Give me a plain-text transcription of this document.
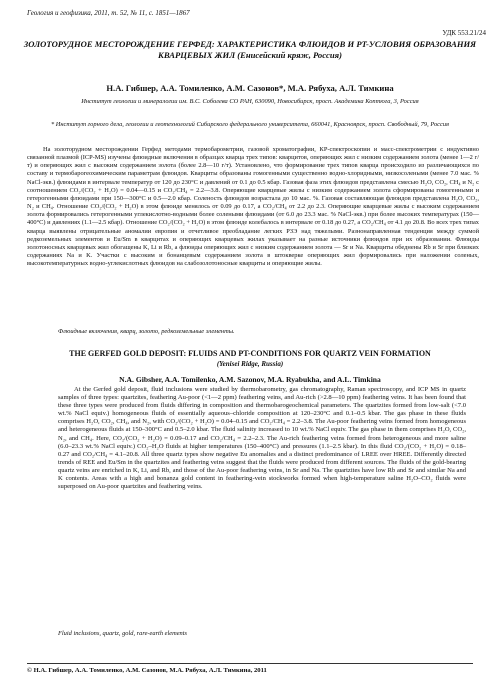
Геология и геофизика, 2011, т. 52, № 11, с. 1851—1867
УДК 553.21/24
ЗОЛОТОРУДНОЕ МЕСТОРОЖДЕНИЕ ГЕРФЕД: ХАРАКТЕРИСТИКА ФЛЮИДОВ И PT-УСЛОВИЯ ОБРАЗОВАНИЯ КВАРЦЕВЫХ ЖИЛ (Енисейский кряж, Россия)
Н.А. Гибшер, А.А. Томиленко, А.М. Сазонов*, М.А. Рябуха, А.Л. Тимкина
Институт геологии и минералогии им. В.С. Соболева СО РАН, 630090, Новосибирск, просп. Академика Коптюга, 3, Россия
* Институт горного дела, геологии и геотехнологий Сибирского федерального университета, 660041, Красноярск, просп. Свободный, 79, Россия
На золоторудном месторождении Герфед методами термобарометрии, газовой хроматографии, КР-спектроскопии и масс-спектрометрии с индуктивно связанной плазмой (ICP-MS) изучены флюидные включения в образцах кварца трех типов: кварцитов, оперяющих жил с низким содержанием золота (менее 1—2 г/т) и оперяющих жил с высоким содержанием золота (более 2.8—10 г/т). Установлено, что формирование трех типов кварца происходило из различающихся по составу и термобарогеохимическим параметрам флюидов. Кварциты образованы гомогенными существенно водно-хлоридными, низкосолеными (менее 7.0 мас. % NaCl-экв.) флюидами в интервале температур от 120 до 230°С и давлений от 0.1 до 0.5 кбар. Газовая фаза этих флюидов представлена смесью H₂O, CO₂, CH₄ и N₂ с соотношением CO₂/(CO₂ + H₂O) = 0.04—0.15 и CO₂/CH₄ = 2.2—3.8. Оперяющие кварцевые жилы с низким содержанием золота сформированы гомогенными и гетерогенными флюидами при 150—300°С и 0.5—2.0 кбар. Соленость флюидов возрастала до 10 мас. %. Газовая составляющая флюидов представлена H₂O, CO₂, N₂ и CH₄. Отношение CO₂/(CO₂ + H₂O) в этом флюиде менялось от 0.09 до 0.17, а CO₂/CH₄ от 2.2 до 2.3. Оперяющие кварцевые жилы с высоким содержанием золота формировались гетерогенными углекислотно-водными более солеными флюидами (от 6.0 до 23.3 мас. % NaCl-экв.) при более высоких температурах (150—400°С) и давлениях (1.1—2.5 кбар). Отношение CO₂/(CO₂ + H₂O) в этом флюиде колебалось в интервале от 0.18 до 0.27, а CO₂/CH₄ от 4.1 до 20.8. Во всех трех типах кварца выявлены отрицательные аномалии европия и отчетливое преобладание легких РЗЭ над тяжелыми. Разнонаправленная тенденция между суммой редкоземельных элементов и Eu/Sm в кварцитах и оперяющих кварцевых жилах указывает на разные источники флюидов при их образовании. Флюиды золотоносных кварцевых жил обогащены K, Li и Rb, а флюиды оперяющих жил с низким содержанием золота — Sr и Na. Кварциты обеднены Rb и Sr при близких содержаниях Na и K. Участки с высоким и бонанцевым содержанием золота в штокверке оперяющих жил формировались при наложении соленых, высокотемпературных водно-углекислотных флюидов на слабозолотоносные кварциты и оперяющие жилы.
Флюидные включения, кварц, золото, редкоземельные элементы.
THE GERFED GOLD DEPOSIT: FLUIDS AND PT-CONDITIONS FOR QUARTZ VEIN FORMATION
(Yenisei Ridge, Russia)
N.A. Gibsher, A.A. Tomilenko, A.M. Sazonov, M.A. Ryabukha, and A.L. Timkina
At the Gerfed gold deposit, fluid inclusions were studied by thermobarometry, gas chromatography, Raman spectroscopy, and ICP MS in quartz samples of three types: quartzites, feathering Au-poor (<1—2 ppm) feathering veins, and Au-rich (>2.8—10 ppm) feathering veins. It has been found that these three types were produced from fluids differing in composition and thermobarogeochemical parameters. The quartzites formed from low-salt (<7.0 wt.% NaCl equiv.) homogeneous fluids of essentially aqueous–chloride composition at 120–230°C and 0.1–0.5 kbar. The gas phase in these fluids comprises H₂O, CO₂, CH₄, and N₂, with CO₂/(CO₂ + H₂O) = 0.04–0.15 and CO₂/CH₄ = 2.2–3.8. The Au-poor feathering veins formed from homogeneous and heterogeneous fluids at 150–300°C and 0.5–2.0 kbar. The fluid salinity increased to 10 wt.% NaCl equiv. The gas phase in them comprises H₂O, CO₂, N₂, and CH₄. Here, CO₂/(CO₂ + H₂O) = 0.09–0.17 and CO₂/CH₄ = 2.2–2.3. The Au-rich feathering veins formed from heterogeneous and more saline (6.0–23.3 wt.% NaCl equiv.) CO₂–H₂O fluids at higher temperatures (150–400°C) and pressures (1.1–2.5 kbar). In this fluid CO₂/(CO₂ + H₂O) = 0.18–0.27 and CO₂/CH₄ = 4.1–20.8. All three quartz types show negative Eu anomalies and a distinct predominance of LREE over HREE. Differently directed trends of REE and Eu/Sm in the quartzites and feathering veins suggest that the fluids were produced from different sources. The fluids of the gold-bearing quartz veins are enriched in K, Li, and Rb, and those of the Au-poor feathering veins, in Sr and Na. The quartzites have low Rb and Sr and similar Na and K contents. Areas with a high and bonanza gold content in feathering-vein stockworks formed when high-temperature saline H₂O–CO₂ fluids were superposed on Au-poor quartzites and feathering veins.
Fluid inclusions, quartz, gold, rare-earth elements
© Н.А. Гибшер, А.А. Томиленко, А.М. Сазонов, М.А. Рябуха, А.Л. Тимкина, 2011
